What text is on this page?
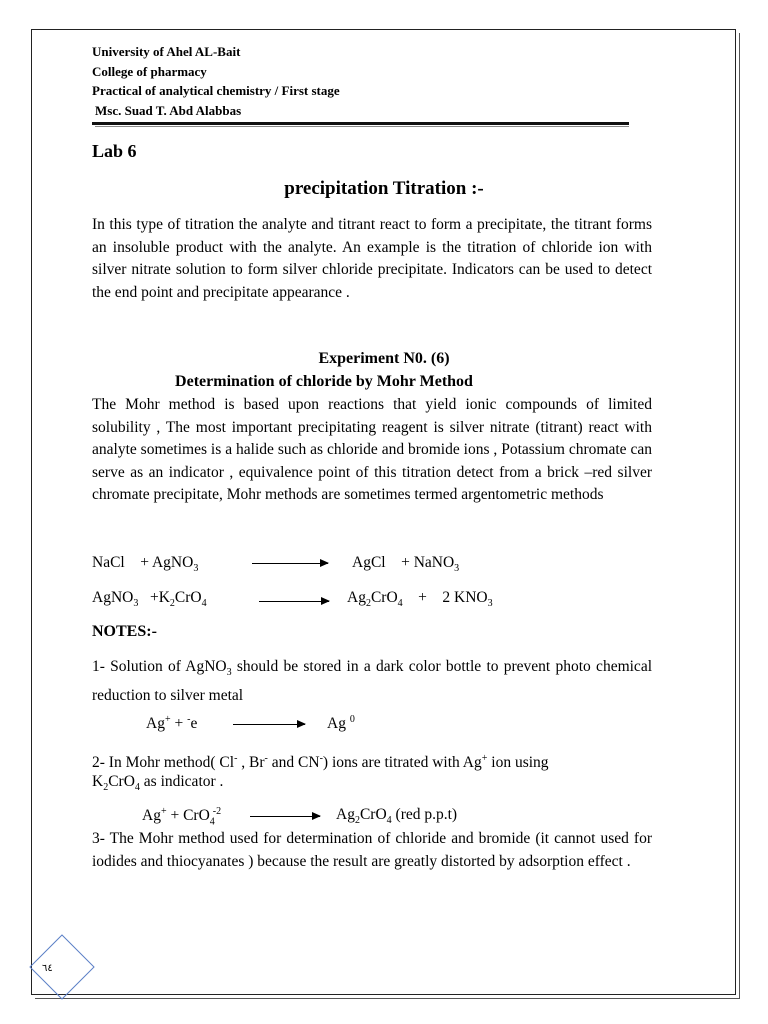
University of Ahel AL-Bait
College of pharmacy
Practical of analytical chemistry / First stage
Msc. Suad T. Abd Alabbas
Lab 6
precipitation Titration :-
In this type of titration the analyte and titrant react to form a precipitate, the titrant forms an insoluble product with the analyte. An example is the titration of chloride ion with silver nitrate solution to form silver chloride precipitate. Indicators can be used to detect the end point and precipitate appearance .
Experiment N0. (6)
Determination of chloride by Mohr Method
The Mohr method is based upon reactions that yield ionic compounds of limited solubility , The most important precipitating reagent is silver nitrate (titrant) react with analyte sometimes is a halide such as chloride and bromide ions , Potassium chromate can serve as an indicator , equivalence point of this titration detect from a brick –red silver chromate precipitate, Mohr methods are sometimes termed argentometric methods
NaCl + AgNO$_3$	AgCl + NaNO$_3$
AgNO$_3$ $+K_2CrO_4$	$Ag_2CrO_4 + 2$ $KNO_3$
NOTES:-
1- Solution of AgNO$_3$ should be stored in a dark color bottle to prevent photo chemical reduction to silver metal
Ag+ + -e	Ag $^0$
2- In Mohr method( Cl- , Br- and CN-) ions are titrated with Ag+ ion using
$K_2CrO_4$ as indicator .
Ag+ + CrO$_4^{-2}$	$Ag_2CrO_4$ (red p.p.t)
3- The Mohr method used for determination of chloride and bromide (it cannot used for iodides and thiocyanates ) because the result are greatly distorted by adsorption effect .
٦٤
